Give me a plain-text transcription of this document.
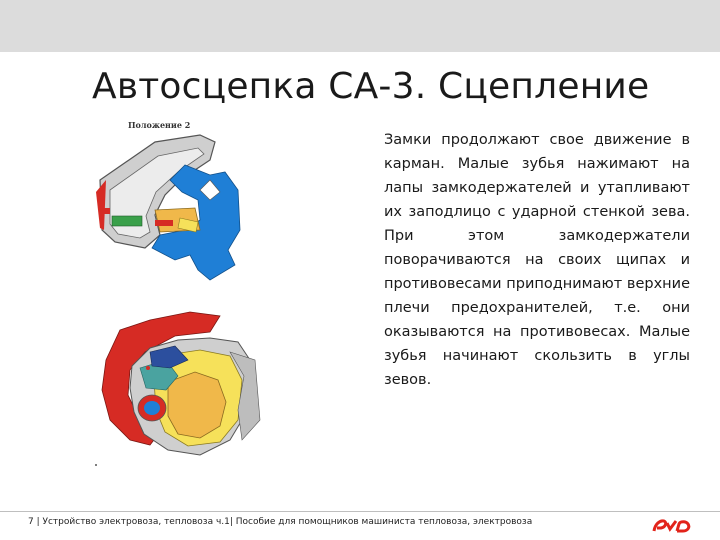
Автосцепка СА-3. Сцепление
Положение 2
Замки продолжают свое движение в карман. Малые зубья нажимают на лапы замкодержателей и утапливают их заподлицо с ударной стенкой зева. При этом замкодержатели поворачиваются на своих щипах и противовесами приподнимают верхние плечи предохранителей, т.е. они оказываются на противовесах. Малые зубья начинают скользить в углы зевов.
7 | Устройство электровоза, тепловоза ч.1| Пособие для помощников машиниста тепловоза, электровоза
